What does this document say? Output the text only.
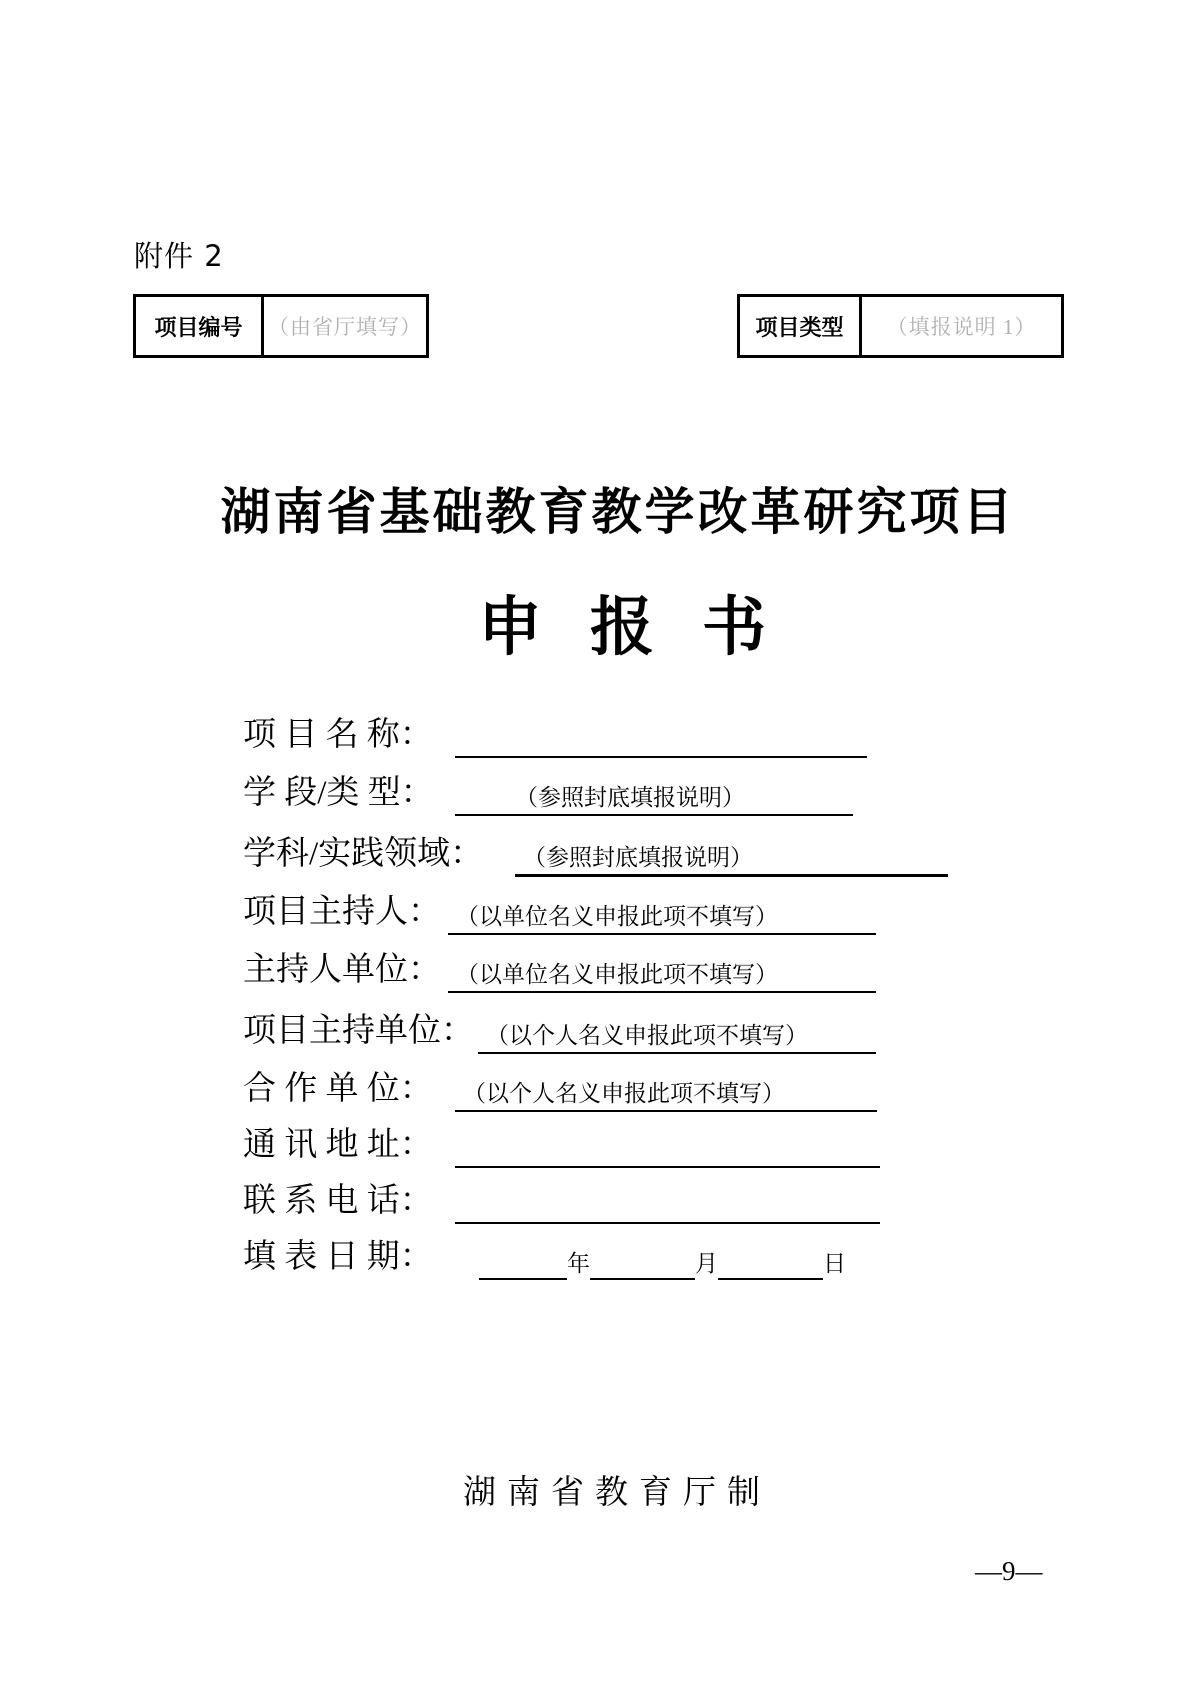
附件 2
项目编号	（由省厅填写）	项目类型	（填报说明 1）
湖南省基础教育教学改革研究项目
申 报 书
项 目 名 称：
学 段/类 型：	（参照封底填报说明）
学科/实践领域：	（参照封底填报说明）
项目主持人： （以单位名义申报此项不填写）
主持人单位： （以单位名义申报此项不填写）
项目主持单位： （以个人名义申报此项不填写）
合 作 单 位：	（以个人名义申报此项不填写）
通 讯 地 址：
联 系 电 话：
填 表 日 期：	年	月	日
湖南省教育厅制
—9—
